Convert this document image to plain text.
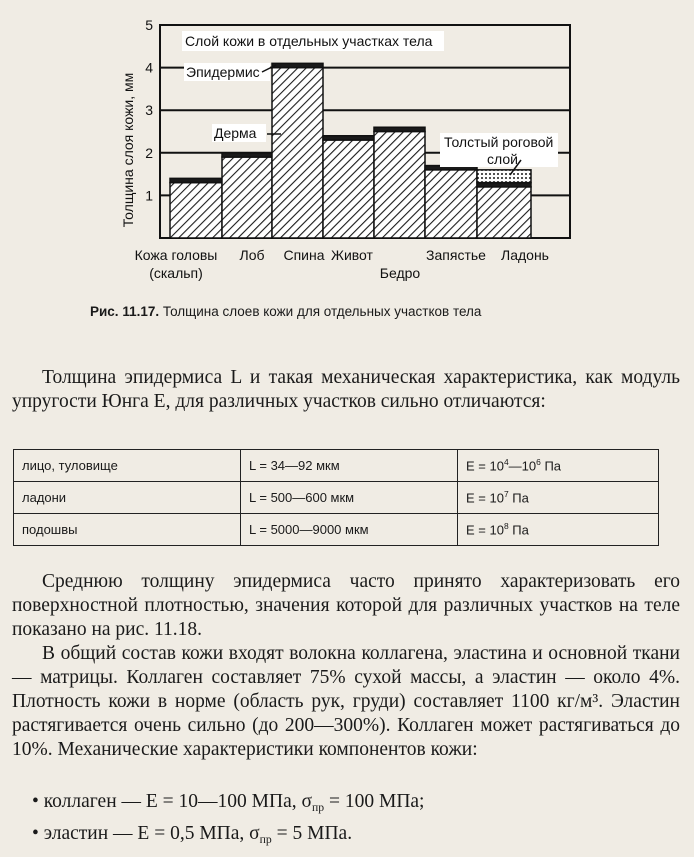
1
2
3
4
5
Кожа головы
(скальп)
Лоб Спина Живот
Бедро
Запястье Ладонь
Толщина слоя кожи, мм
Слой кожи в отдельных участках тела
Эпидермис
Дерма
Толстый роговой
слой
Рис. 11.17. Толщина слоев кожи для отдельных участков тела

Толщина эпидермиса L и такая механическая характеристика, как модуль упругости Юнга E, для различных участков сильно отличаются:

лицо, туловище	L = 34—92 мкм	$E = 10^4—10^6$ Па
ладони	L = 500—600 мкм	$E = 10^7$ Па
подошвы	L = 5000—9000 мкм	$E = 10^8$ Па

Среднюю толщину эпидермиса часто принято характеризовать его поверхностной плотностью, значения которой для различных участков на теле показано на рис. 11.18.

В общий состав кожи входят волокна коллагена, эластина и основной ткани — матрицы. Коллаген составляет 75% сухой массы, а эластин — около 4%. Плотность кожи в норме (область рук, груди) составляет 1100 кг/м³. Эластин растягивается очень сильно (до 200—300%). Коллаген может растягиваться до 10%. Механические характеристики компонентов кожи:

• коллаген — E = 10—100 МПа, $\sigma_{пр} = 100$ МПа;
• эластин — E = 0,5 МПа, $\sigma_{пр} = 5$ МПа.
